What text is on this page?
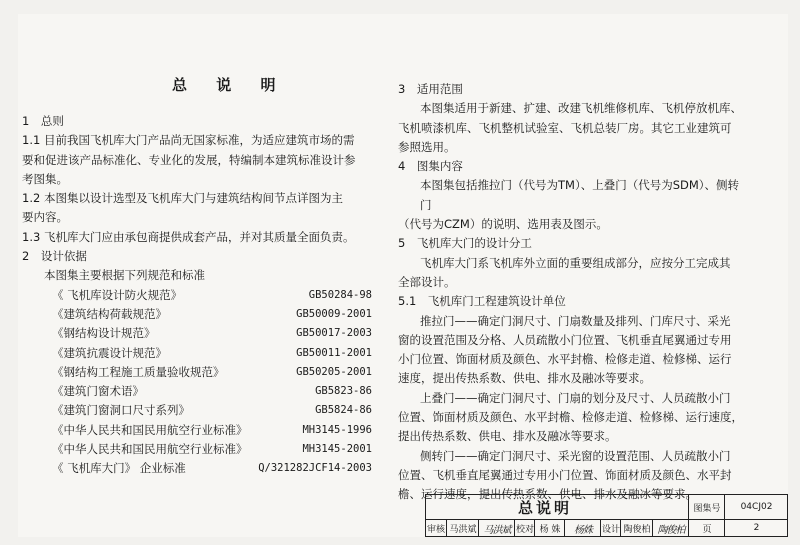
总 说 明

1　总则

1.1 目前我国飞机库大门产品尚无国家标准，为适应建筑市场的需

要和促进该产品标准化、专业化的发展，特编制本建筑标准设计参

考图集。

1.2 本图集以设计选型及飞机库大门与建筑结构间节点详图为主

要内容。

1.3 飞机库大门应由承包商提供成套产品，并对其质量全面负责。

2　设计依据

本图集主要根据下列规范和标准

《 飞机库设计防火规范》	GB50284-98
《建筑结构荷载规范》	GB50009-2001
《钢结构设计规范》	GB50017-2003
《建筑抗震设计规范》	GB50011-2001
《钢结构工程施工质量验收规范》	GB50205-2001
《建筑门窗术语》	GB5823-86
《建筑门窗洞口尺寸系列》	GB5824-86
《中华人民共和国民用航空行业标准》	MH3145-1996
《中华人民共和国民用航空行业标准》	MH3145-2001
《 飞机库大门》 企业标准	Q/321282JCF14-2003

3　适用范围

本图集适用于新建、扩建、改建飞机维修机库、飞机停放机库、

飞机喷漆机库、飞机整机试验室、飞机总装厂房。其它工业建筑可

参照选用。

4　图集内容

本图集包括推拉门（代号为TM）、上叠门（代号为SDM）、侧转门

（代号为CZM）的说明、选用表及图示。

5　飞机库大门的设计分工

飞机库大门系飞机库外立面的重要组成部分，应按分工完成其

全部设计。

5.1　飞机库门工程建筑设计单位

推拉门——确定门洞尺寸、门扇数量及排列、门库尺寸、采光

窗的设置范围及分格、人员疏散小门位置、飞机垂直尾翼通过专用

小门位置、饰面材质及颜色、水平封檐、检修走道、检修梯、运行

速度，提出传热系数、供电、排水及融冰等要求。

上叠门——确定门洞尺寸、门扇的划分及尺寸、人员疏散小门

位置、饰面材质及颜色、水平封檐、检修走道、检修梯、运行速度，

提出传热系数、供电、排水及融冰等要求。

侧转门——确定门洞尺寸、采光窗的设置范围、人员疏散小门

位置、飞机垂直尾翼通过专用小门位置、饰面材质及颜色、水平封

檐、运行速度，提出传热系数、供电、排水及融冰等要求。

总说明	图集号	04CJ02
审核 马洪斌 马洪斌 校对 杨 姝	杨姝	设计 陶俊柏 陶俊柏	页	2
